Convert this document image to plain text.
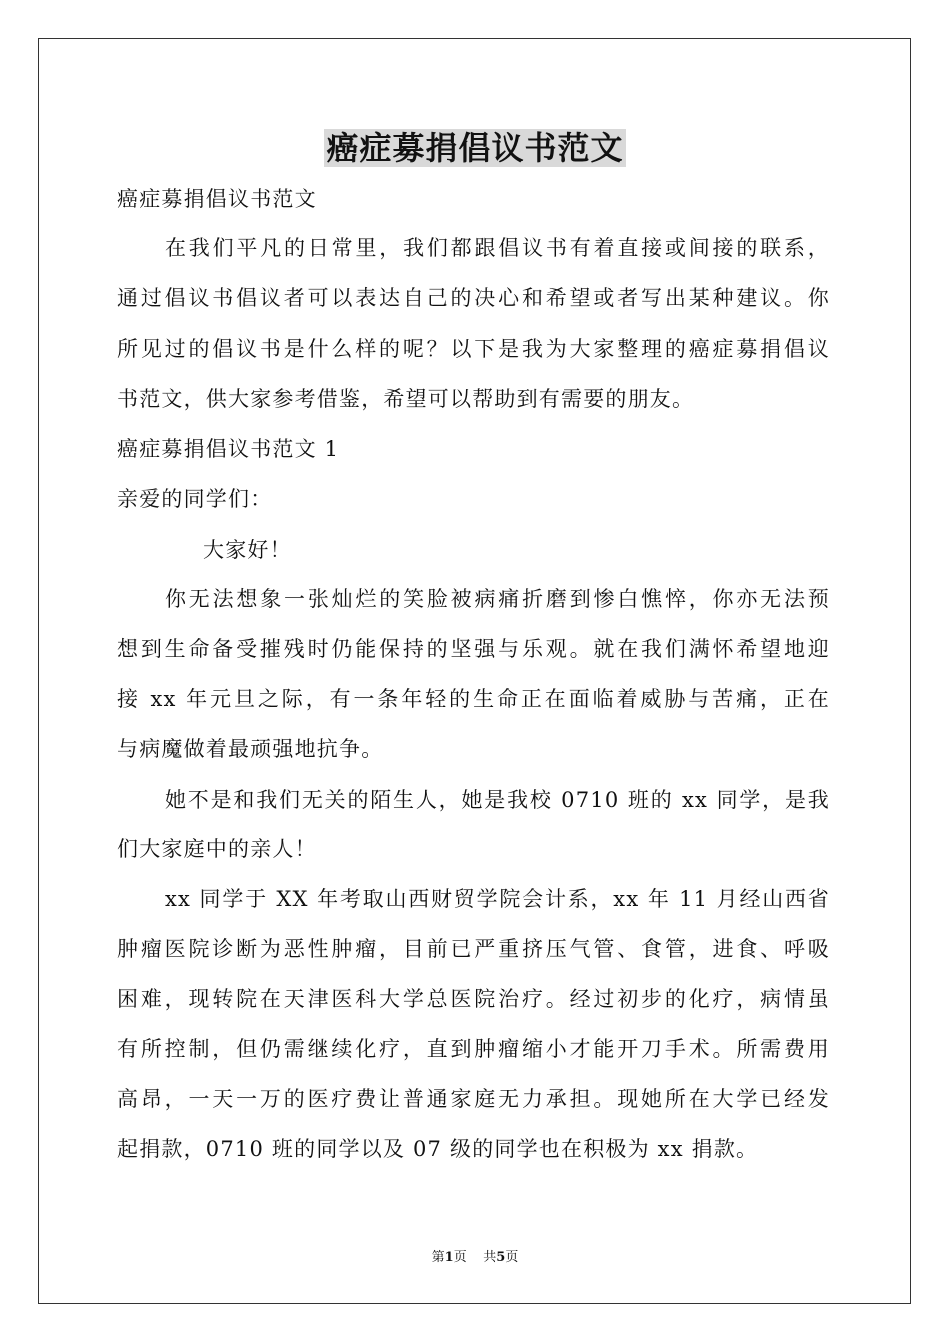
癌症募捐倡议书范文
癌症募捐倡议书范文
在我们平凡的日常里，我们都跟倡议书有着直接或间接的联系，
通过倡议书倡议者可以表达自己的决心和希望或者写出某种建议。你
所见过的倡议书是什么样的呢？以下是我为大家整理的癌症募捐倡议
书范文，供大家参考借鉴，希望可以帮助到有需要的朋友。
癌症募捐倡议书范文 1
亲爱的同学们：
大家好！
你无法想象一张灿烂的笑脸被病痛折磨到惨白憔悴，你亦无法预
想到生命备受摧残时仍能保持的坚强与乐观。就在我们满怀希望地迎
接 xx 年元旦之际，有一条年轻的生命正在面临着威胁与苦痛，正在
与病魔做着最顽强地抗争。
她不是和我们无关的陌生人，她是我校 0710 班的 xx 同学，是我
们大家庭中的亲人！
xx 同学于 XX 年考取山西财贸学院会计系，xx 年 11 月经山西省
肿瘤医院诊断为恶性肿瘤，目前已严重挤压气管、食管，进食、呼吸
困难，现转院在天津医科大学总医院治疗。经过初步的化疗，病情虽
有所控制，但仍需继续化疗，直到肿瘤缩小才能开刀手术。所需费用
高昂，一天一万的医疗费让普通家庭无力承担。现她所在大学已经发
起捐款，0710 班的同学以及 07 级的同学也在积极为 xx 捐款。
第1页 共5页
